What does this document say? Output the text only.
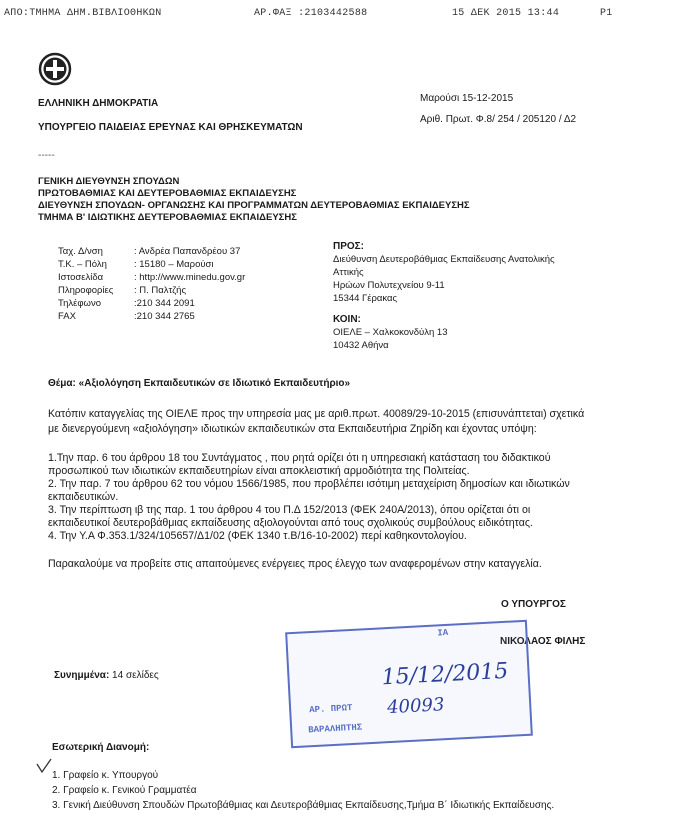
ΑΠΟ:ΤΜΗΜΑ ΔΗΜ.ΒΙΒΛΙΟΘΗΚΩΝ	ΑΡ.ΦΑΞ :2103442588	15 ΔΕΚ 2015 13:44	P1
ΕΛΛΗΝΙΚΗ ΔΗΜΟΚΡΑΤΙΑ
ΥΠΟΥΡΓΕΙΟ ΠΑΙΔΕΙΑΣ ΕΡΕΥΝΑΣ ΚΑΙ ΘΡΗΣΚΕΥΜΑΤΩΝ
-----
Μαρούσι 15-12-2015
Αριθ. Πρωτ. Φ.8/ 254 / 205120 / Δ2
ΓΕΝΙΚΗ ΔΙΕΥΘΥΝΣΗ ΣΠΟΥΔΩΝ
ΠΡΩΤΟΒΑΘΜΙΑΣ ΚΑΙ ΔΕΥΤΕΡΟΒΑΘΜΙΑΣ ΕΚΠΑΙΔΕΥΣΗΣ
ΔΙΕΥΘΥΝΣΗ ΣΠΟΥΔΩΝ- ΟΡΓΑΝΩΣΗΣ ΚΑΙ ΠΡΟΓΡΑΜΜΑΤΩΝ ΔΕΥΤΕΡΟΒΑΘΜΙΑΣ ΕΚΠΑΙΔΕΥΣΗΣ
ΤΜΗΜΑ Β' ΙΔΙΩΤΙΚΗΣ ΔΕΥΤΕΡΟΒΑΘΜΙΑΣ ΕΚΠΑΙΔΕΥΣΗΣ
Ταχ. Δ/νση	: Ανδρέα Παπανδρέου 37
Τ.Κ. – Πόλη	: 15180 – Μαρούσι
Ιστοσελίδα	: http://www.minedu.gov.gr
Πληροφορίες : Π. Παλτζής
Τηλέφωνο	:210 344 2091
FAX	:210 344 2765
ΠΡΟΣ:
Διεύθυνση Δευτεροβάθμιας Εκπαίδευσης Ανατολικής
Αττικής
Ηρώων Πολυτεχνείου 9-11
15344 Γέρακας
ΚΟΙΝ:
ΟΙΕΛΕ – Χαλκοκονδύλη 13
10432 Αθήνα
Θέμα: «Αξιολόγηση Εκπαιδευτικών σε Ιδιωτικό Εκπαιδευτήριο»
Κατόπιν καταγγελίας της ΟΙΕΛΕ προς την υπηρεσία μας με αριθ.πρωτ. 40089/29-10-2015 (επισυνάπτεται) σχετικά
με διενεργούμενη «αξιολόγηση» ιδιωτικών εκπαιδευτικών στα Εκπαιδευτήρια Ζηρίδη και έχοντας υπόψη:
1.Την παρ. 6 του άρθρου 18 του Συντάγματος , που ρητά ορίζει ότι η υπηρεσιακή κατάσταση του διδακτικού
προσωπικού των ιδιωτικών εκπαιδευτηρίων είναι αποκλειστική αρμοδιότητα της Πολιτείας.
2. Την παρ. 7 του άρθρου 62 του νόμου 1566/1985, που προβλέπει ισότιμη μεταχείριση δημοσίων και ιδιωτικών
εκπαιδευτικών.
3. Την περίπτωση ιβ της παρ. 1 του άρθρου 4 του Π.Δ 152/2013 (ΦΕΚ 240Α/2013), όπου ορίζεται ότι οι
εκπαιδευτικοί δευτεροβάθμιας εκπαίδευσης αξιολογούνται από τους σχολικούς συμβούλους ειδικότητας.
4. Την Υ.Α Φ.353.1/324/105657/Δ1/02 (ΦΕΚ 1340 τ.Β/16-10-2002) περί καθηκοντολογίου.
Παρακαλούμε να προβείτε στις απαιτούμενες ενέργειες προς έλεγχο των αναφερομένων στην καταγγελία.
Ο ΥΠΟΥΡΓΟΣ
ΝΙΚΟΛΑΟΣ ΦΙΛΗΣ
Συνημμένα: 14 σελίδες
ΙΑ
ΑΡ. ΠΡΩΤ
ΒΑΡΑΛΗΠΤΗΣ
15/12/2015
40093
Εσωτερική Διανομή:
1. Γραφείο κ. Υπουργού
2. Γραφείο κ. Γενικού Γραμματέα
3. Γενική Διεύθυνση Σπουδών Πρωτοβάθμιας και Δευτεροβάθμιας Εκπαίδευσης,Τμήμα Β΄ Ιδιωτικής Εκπαίδευσης.
